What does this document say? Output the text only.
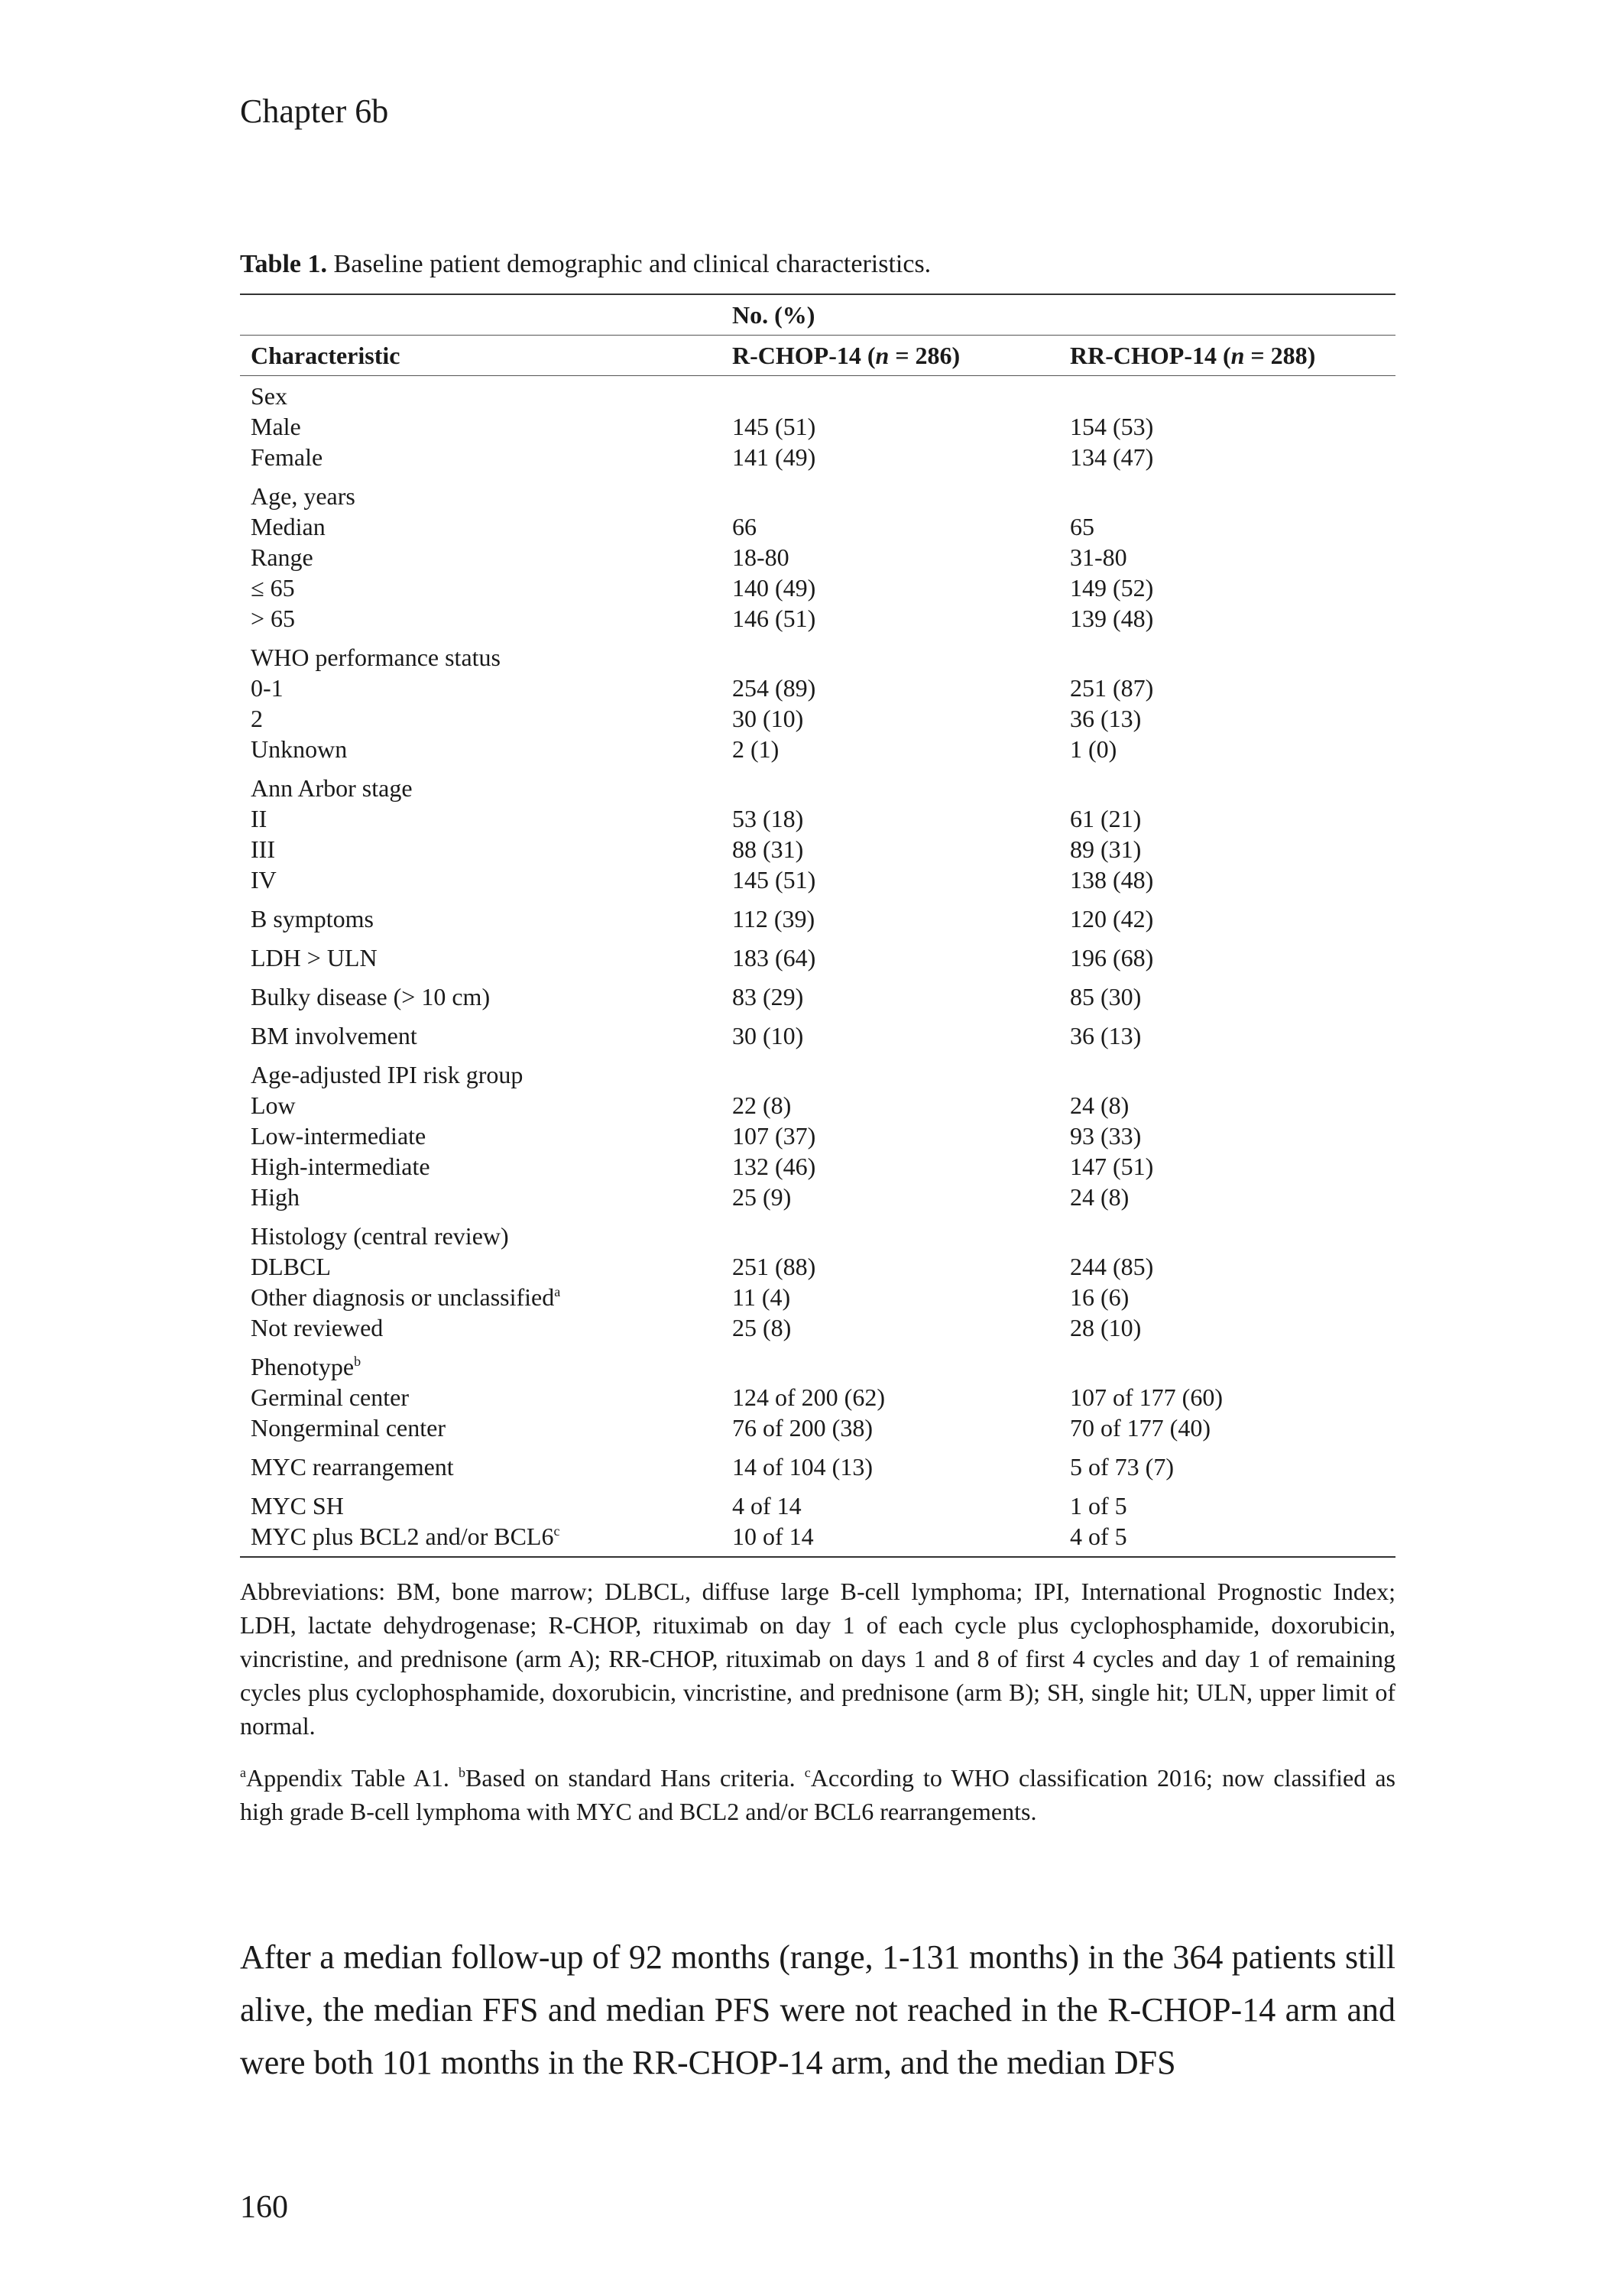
Chapter 6b
Table 1. Baseline patient demographic and clinical characteristics.
No. (%)
Characteristic	R-CHOP-14 (n = 286)	RR-CHOP-14 (n = 288)
Sex
Male	145 (51)	154 (53)
Female	141 (49)	134 (47)
Age, years
Median	66	65
Range	18-80	31-80
≤ 65	140 (49)	149 (52)
> 65	146 (51)	139 (48)
WHO performance status
0-1	254 (89)	251 (87)
2	30 (10)	36 (13)
Unknown	2 (1)	1 (0)
Ann Arbor stage
II	53 (18)	61 (21)
III	88 (31)	89 (31)
IV	145 (51)	138 (48)
B symptoms	112 (39)	120 (42)
LDH > ULN	183 (64)	196 (68)
Bulky disease (> 10 cm)	83 (29)	85 (30)
BM involvement	30 (10)	36 (13)
Age-adjusted IPI risk group
Low	22 (8)	24 (8)
Low-intermediate	107 (37)	93 (33)
High-intermediate	132 (46)	147 (51)
High	25 (9)	24 (8)
Histology (central review)
DLBCL	251 (88)	244 (85)
Other diagnosis or unclassified$^a$	11 (4)	16 (6)
Not reviewed	25 (8)	28 (10)
Phenotype$^b$
Germinal center	124 of 200 (62)	107 of 177 (60)
Nongerminal center	76 of 200 (38)	70 of 177 (40)
MYC rearrangement	14 of 104 (13)	5 of 73 (7)
MYC SH	4 of 14	1 of 5
MYC plus BCL2 and/or BCL6$^c$	10 of 14	4 of 5

Abbreviations: BM, bone marrow; DLBCL, diffuse large B-cell lymphoma; IPI, International Prognostic Index; LDH, lactate dehydrogenase; R-CHOP, rituximab on day 1 of each cycle plus cyclophosphamide, doxorubicin, vincristine, and prednisone (arm A); RR-CHOP, rituximab on days 1 and 8 of first 4 cycles and day 1 of remaining cycles plus cyclophosphamide, doxorubicin, vincristine, and prednisone (arm B); SH, single hit; ULN, upper limit of normal.

$^a$Appendix Table A1. $^b$Based on standard Hans criteria. $^c$According to WHO classification 2016; now classified as high grade B-cell lymphoma with MYC and BCL2 and/or BCL6 rearrangements.

After a median follow-up of 92 months (range, 1-131 months) in the 364 patients still alive, the median FFS and median PFS were not reached in the R-CHOP-14 arm and were both 101 months in the RR-CHOP-14 arm, and the median DFS
160
